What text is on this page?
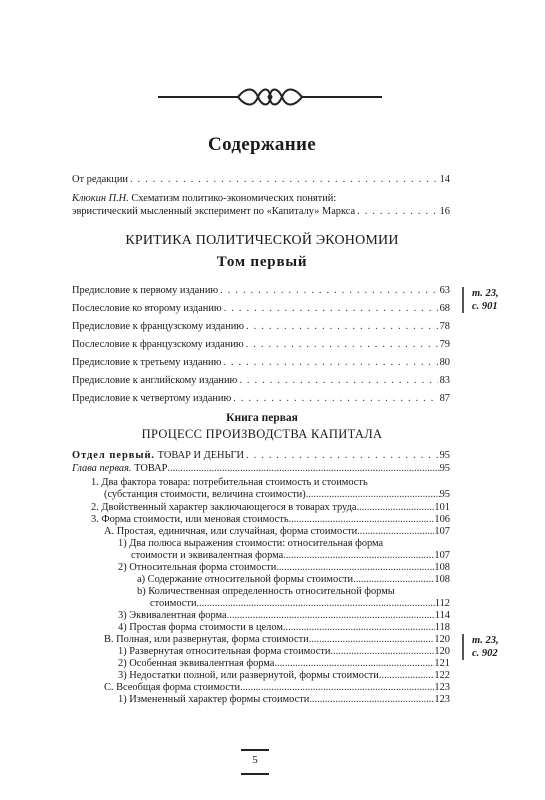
Содержание
От редакции . . .	14
Клюкин П.Н. Схематизм политико-экономических понятий:
эвристический мысленный эксперимент по «Капиталу» Маркса . . .	16
КРИТИКА ПОЛИТИЧЕСКОЙ ЭКОНОМИИ
Том первый
Предисловие к первому изданию . . .	63
Послесловие ко второму изданию . . .	68
Предисловие к французскому изданию . . .	78
Послесловие к французскому изданию . . .	79
Предисловие к третьему изданию . . .	80
Предисловие к английскому изданию . . .	83
Предисловие к четвертому изданию . . .	87
т. 23,
с. 901
Книга первая
ПРОЦЕСС ПРОИЗВОДСТВА КАПИТАЛА
Отдел первый. ТОВАР И ДЕНЬГИ . . .	95
Глава первая. ТОВАР .....	95
1. Два фактора товара: потребительная стоимость и стоимость
(субстанция стоимости, величина стоимости) .....	95
2. Двойственный характер заключающегося в товарах труда .....	101
3. Форма стоимости, или меновая стоимость .....	106
A. Простая, единичная, или случайная, форма стоимости .....	107
1) Два полюса выражения стоимости: относительная форма
стоимости и эквивалентная форма .....	107
2) Относительная форма стоимости .....	108
a) Содержание относительной формы стоимости .....	108
b) Количественная определенность относительной формы
стоимости .....	112
3) Эквивалентная форма .....	114
4) Простая форма стоимости в целом .....	118
B. Полная, или развернутая, форма стоимости .....	120
1) Развернутая относительная форма стоимости .....	120
2) Особенная эквивалентная форма .....	121
3) Недостатки полной, или развернутой, формы стоимости .....	122
C. Всеобщая форма стоимости .....	123
1) Измененный характер формы стоимости .....	123
т. 23,
с. 902
5
